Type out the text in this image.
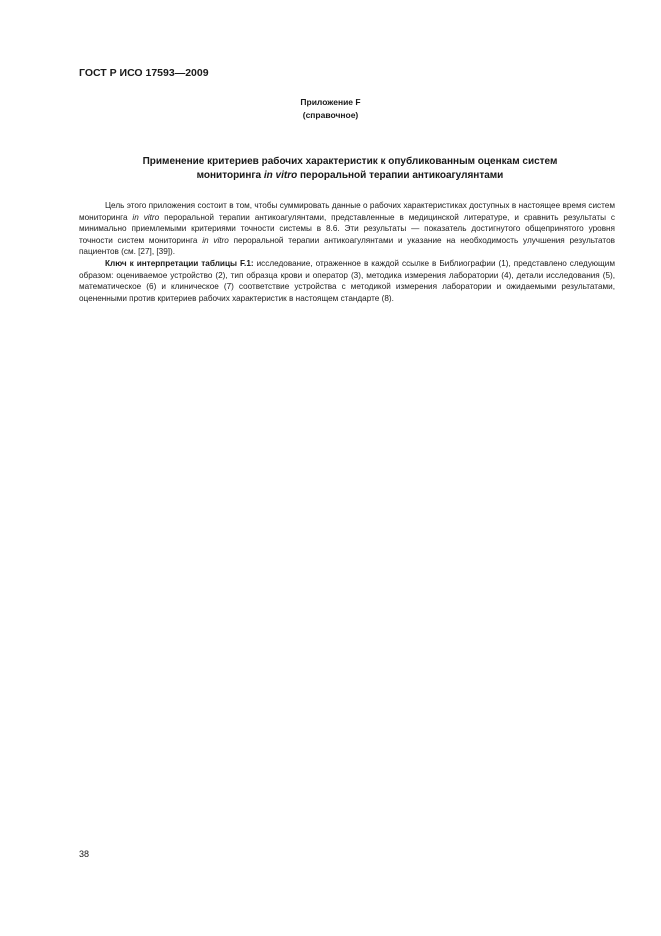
ГОСТ Р ИСО 17593—2009
Приложение F
(справочное)
Применение критериев рабочих характеристик к опубликованным оценкам систем
мониторинга in vitro пероральной терапии антикоагулянтами

Цель этого приложения состоит в том, чтобы суммировать данные о рабочих характеристиках доступных в настоящее время систем мониторинга in vitro пероральной терапии антикоагулянтами, представленные в медицинской литературе, и сравнить результаты с минимально приемлемыми критериями точности системы в 8.6. Эти результаты — показатель достигнутого общепринятого уровня точности систем мониторинга in vitro пероральной терапии антикоагулянтами и указание на необходимость улучшения результатов пациентов (см. [27], [39]).

Ключ к интерпретации таблицы F.1: исследование, отраженное в каждой ссылке в Библиографии (1), представлено следующим образом: оцениваемое устройство (2), тип образца крови и оператор (3), методика измерения лаборатории (4), детали исследования (5), математическое (6) и клиническое (7) соответствие устройства с методикой измерения лаборатории и ожидаемыми результатами, оцененными против критериев рабочих характеристик в настоящем стандарте (8).

38
